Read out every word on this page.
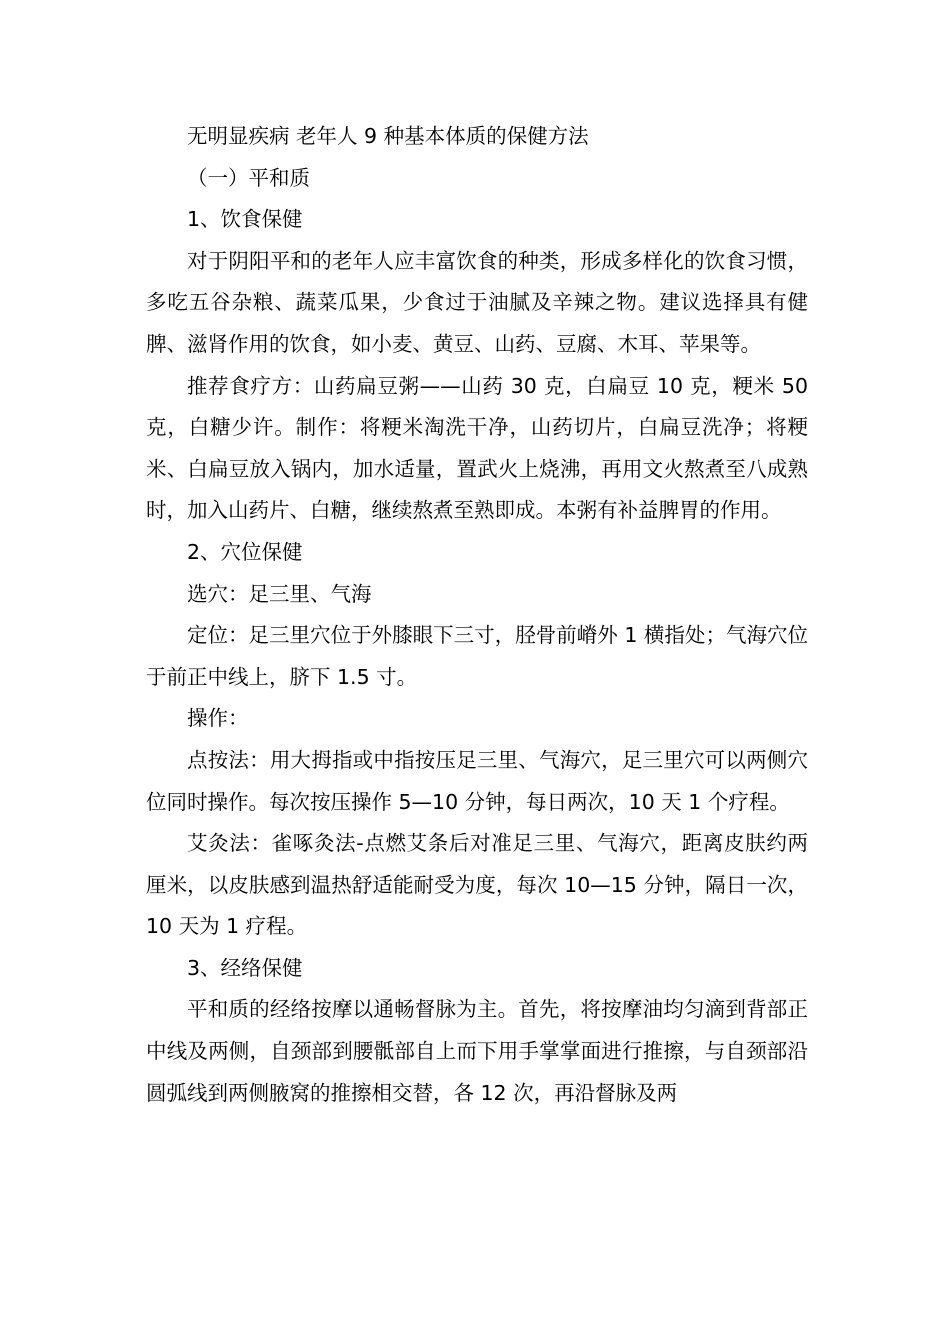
无明显疾病 老年人 9 种基本体质的保健方法

（一）平和质

1、饮食保健

对于阴阳平和的老年人应丰富饮食的种类，形成多样化的饮食习惯，多吃五谷杂粮、蔬菜瓜果，少食过于油腻及辛辣之物。建议选择具有健脾、滋肾作用的饮食，如小麦、黄豆、山药、豆腐、木耳、苹果等。

推荐食疗方：山药扁豆粥——山药 30 克，白扁豆 10 克，粳米 50 克，白糖少许。制作：将粳米淘洗干净，山药切片，白扁豆洗净；将粳米、白扁豆放入锅内，加水适量，置武火上烧沸，再用文火熬煮至八成熟时，加入山药片、白糖，继续熬煮至熟即成。本粥有补益脾胃的作用。

2、穴位保健

选穴：足三里、气海

定位：足三里穴位于外膝眼下三寸，胫骨前嵴外 1 横指处；气海穴位于前正中线上，脐下 1.5 寸。

操作：

点按法：用大拇指或中指按压足三里、气海穴，足三里穴可以两侧穴位同时操作。每次按压操作 5—10 分钟，每日两次，10 天 1 个疗程。

艾灸法：雀啄灸法-点燃艾条后对准足三里、气海穴，距离皮肤约两厘米，以皮肤感到温热舒适能耐受为度，每次 10—15 分钟，隔日一次，10 天为 1 疗程。

3、经络保健

平和质的经络按摩以通畅督脉为主。首先，将按摩油均匀滴到背部正中线及两侧，自颈部到腰骶部自上而下用手掌掌面进行推擦，与自颈部沿圆弧线到两侧腋窝的推擦相交替，各 12 次，再沿督脉及两
